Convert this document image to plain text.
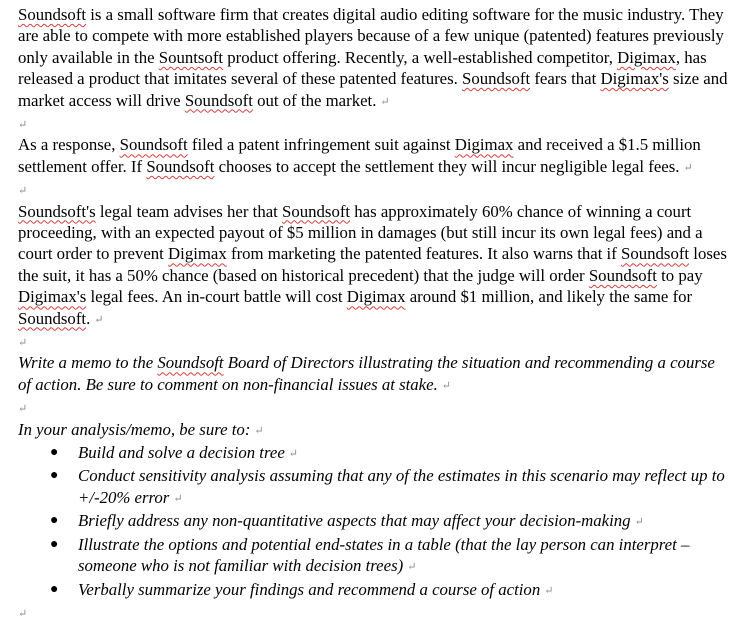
Soundsoft is a small software firm that creates digital audio editing software for the music industry. They are able to compete with more established players because of a few unique (patented) features previously only available in the Sountsoft product offering. Recently, a well-established competitor, Digimax, has released a product that imitates several of these patented features. Soundsoft fears that Digimax's size and market access will drive Soundsoft out of the market. ↵

↵

As a response, Soundsoft filed a patent infringement suit against Digimax and received a $1.5 million settlement offer. If Soundsoft chooses to accept the settlement they will incur negligible legal fees. ↵

↵

Soundsoft's legal team advises her that Soundsoft has approximately 60% chance of winning a court proceeding, with an expected payout of $5 million in damages (but still incur its own legal fees) and a court order to prevent Digimax from marketing the patented features. It also warns that if Soundsoft loses the suit, it has a 50% chance (based on historical precedent) that the judge will order Soundsoft to pay Digimax's legal fees. An in-court battle will cost Digimax around $1 million, and likely the same for Soundsoft. ↵

↵

Write a memo to the Soundsoft Board of Directors illustrating the situation and recommending a course of action. Be sure to comment on non-financial issues at stake. ↵

↵

In your analysis/memo, be sure to: ↵

● Build and solve a decision tree ↵
● Conduct sensitivity analysis assuming that any of the estimates in this scenario may reflect up to +/-20% error ↵
● Briefly address any non-quantitative aspects that may affect your decision-making ↵
● Illustrate the options and potential end-states in a table (that the lay person can interpret – someone who is not familiar with decision trees) ↵
● Verbally summarize your findings and recommend a course of action ↵
↵
